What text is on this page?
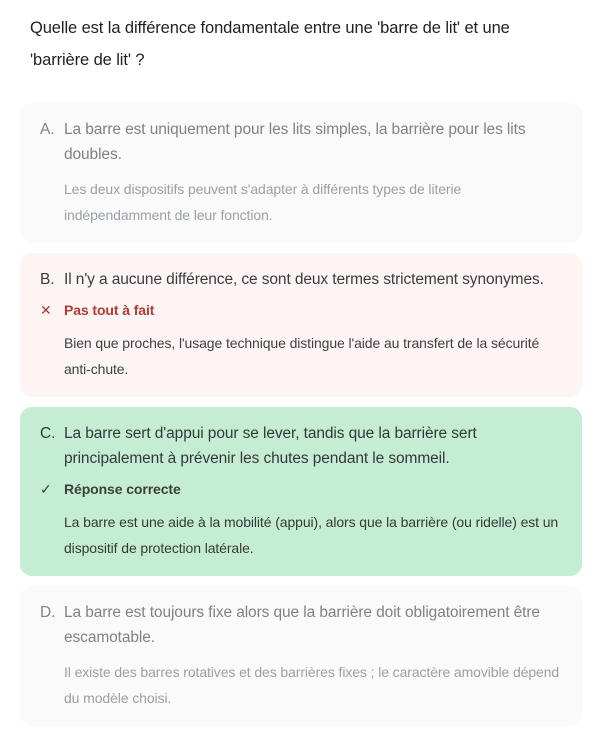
Quelle est la différence fondamentale entre une 'barre de lit' et une 'barrière de lit' ?
A. La barre est uniquement pour les lits simples, la barrière pour les lits doubles.
Les deux dispositifs peuvent s'adapter à différents types de literie indépendamment de leur fonction.
B. Il n'y a aucune différence, ce sont deux termes strictement synonymes.
✕ Pas tout à fait
Bien que proches, l'usage technique distingue l'aide au transfert de la sécurité anti-chute.
C. La barre sert d'appui pour se lever, tandis que la barrière sert principalement à prévenir les chutes pendant le sommeil.
✓ Réponse correcte
La barre est une aide à la mobilité (appui), alors que la barrière (ou ridelle) est un dispositif de protection latérale.
D. La barre est toujours fixe alors que la barrière doit obligatoirement être escamotable.
Il existe des barres rotatives et des barrières fixes ; le caractère amovible dépend du modèle choisi.
